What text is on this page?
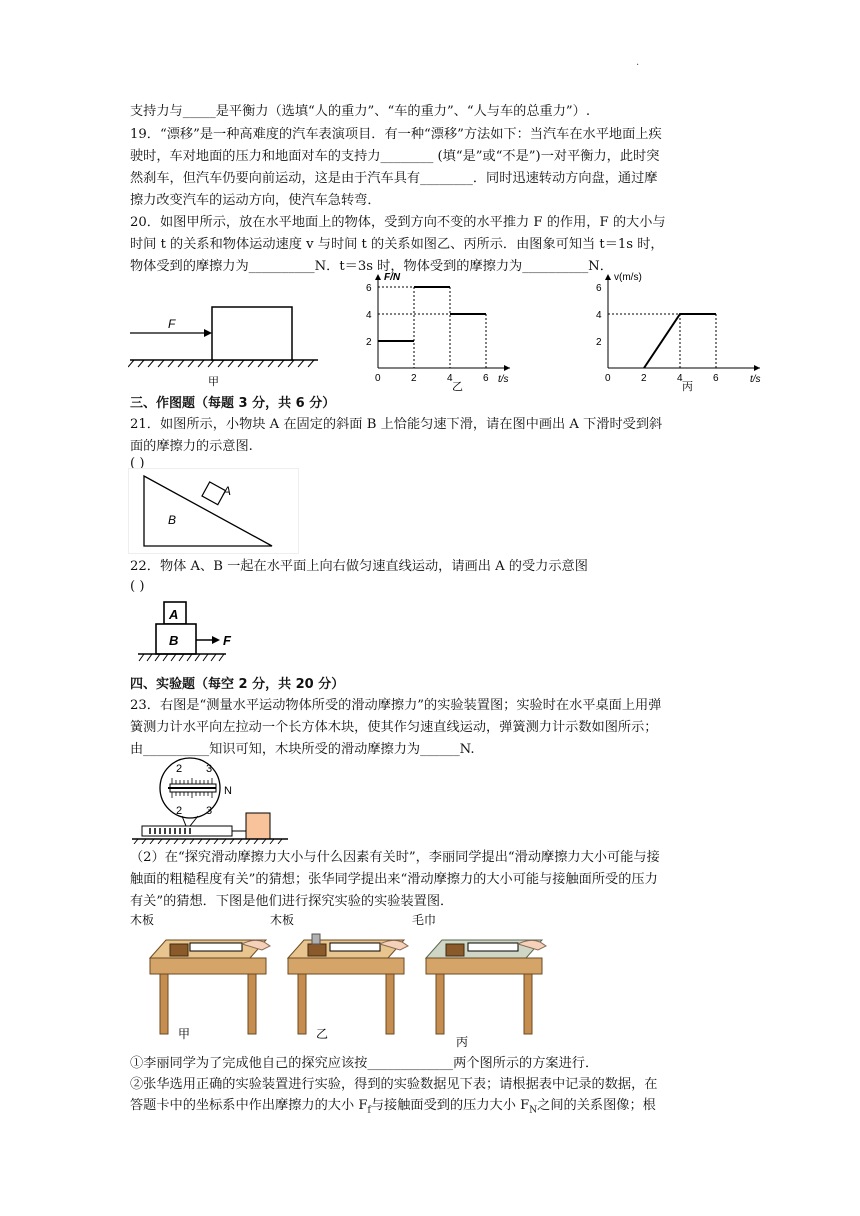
·
支持力与_____是平衡力（选填“人的重力”、“车的重力”、“人与车的总重力”）.
19．“漂移”是一种高难度的汽车表演项目．有一种“漂移”方法如下：当汽车在水平地面上疾
驶时，车对地面的压力和地面对车的支持力________ (填“是”或“不是”)一对平衡力，此时突
然刹车，但汽车仍要向前运动，这是由于汽车具有________．同时迅速转动方向盘，通过摩
擦力改变汽车的运动方向，使汽车急转弯．
20．如图甲所示，放在水平地面上的物体，受到方向不变的水平推力 F 的作用，F 的大小与
时间 t 的关系和物体运动速度 v 与时间 t 的关系如图乙、丙所示．由图象可知当 t＝1s 时，
物体受到的摩擦力为__________N．t＝3s 时，物体受到的摩擦力为__________N．
F
甲	0	2	4	6
2
4
6
F/N
t/s
乙
0	2	4	6
2
4
6
v(m/s)
t/s
丙
三、作图题（每题 3 分，共 6 分）
21．如图所示，小物块 A 在固定的斜面 B 上恰能匀速下滑，请在图中画出 A 下滑时受到斜
面的摩擦力的示意图.
( )
A
B
22．物体 A、B 一起在水平面上向右做匀速直线运动，请画出 A 的受力示意图
( )
A
B	F
四、实验题（每空 2 分，共 20 分）
23．右图是“测量水平运动物体所受的滑动摩擦力”的实验装置图；实验时在水平桌面上用弹
簧测力计水平向左拉动一个长方体木块，使其作匀速直线运动，弹簧测力计示数如图所示；
由__________知识可知，木块所受的滑动摩擦力为______N.
2 3
2 3
N
（2）在“探究滑动摩擦力大小与什么因素有关时”，李丽同学提出“滑动摩擦力大小可能与接
触面的粗糙程度有关”的猜想；张华同学提出来“滑动摩擦力的大小可能与接触面所受的压力
有关”的猜想．下图是他们进行探究实验的实验装置图．
木板
甲
木板
乙
毛巾
丙
①李丽同学为了完成他自己的探究应该按_____________两个图所示的方案进行．
②张华选用正确的实验装置进行实验，得到的实验数据见下表；请根据表中记录的数据，在
答题卡中的坐标系中作出摩擦力的大小 $F_f$与接触面受到的压力大小 $F_N$之间的关系图像；根
